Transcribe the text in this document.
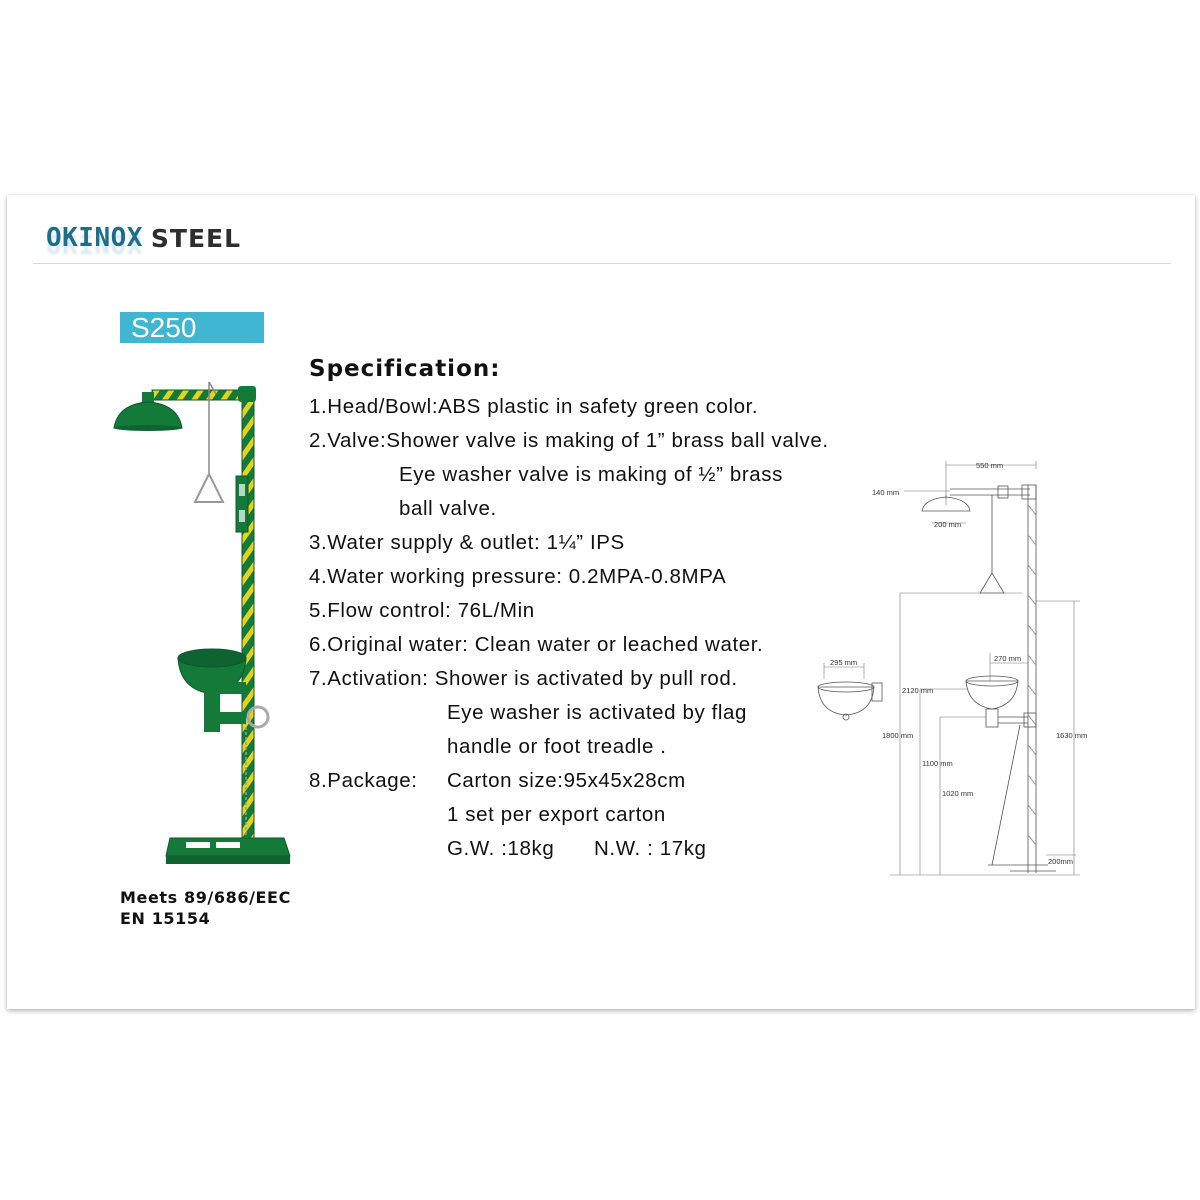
OKINOX STEEL
S250
Meets 89/686/EEC
EN 15154
Specification:
1.Head/Bowl:ABS plastic in safety green color.
2.Valve:Shower valve is making of 1” brass ball valve.
Eye washer valve is making of ½” brass
ball valve.
3.Water supply & outlet: 1¼” IPS
4.Water working pressure: 0.2MPA-0.8MPA
5.Flow control: 76L/Min
6.Original water: Clean water or leached water.
7.Activation: Shower is activated by pull rod.
Eye washer is activated by flag
handle or foot treadle .
8.Package: Carton size:95x45x28cm
1 set per export carton
G.W. :18kg N.W. : 17kg
550 mm
140 mm
200 mm
295 mm	270 mm
2120 mm
1800 mm
1100 mm
1020 mm
1630 mm
200mm
